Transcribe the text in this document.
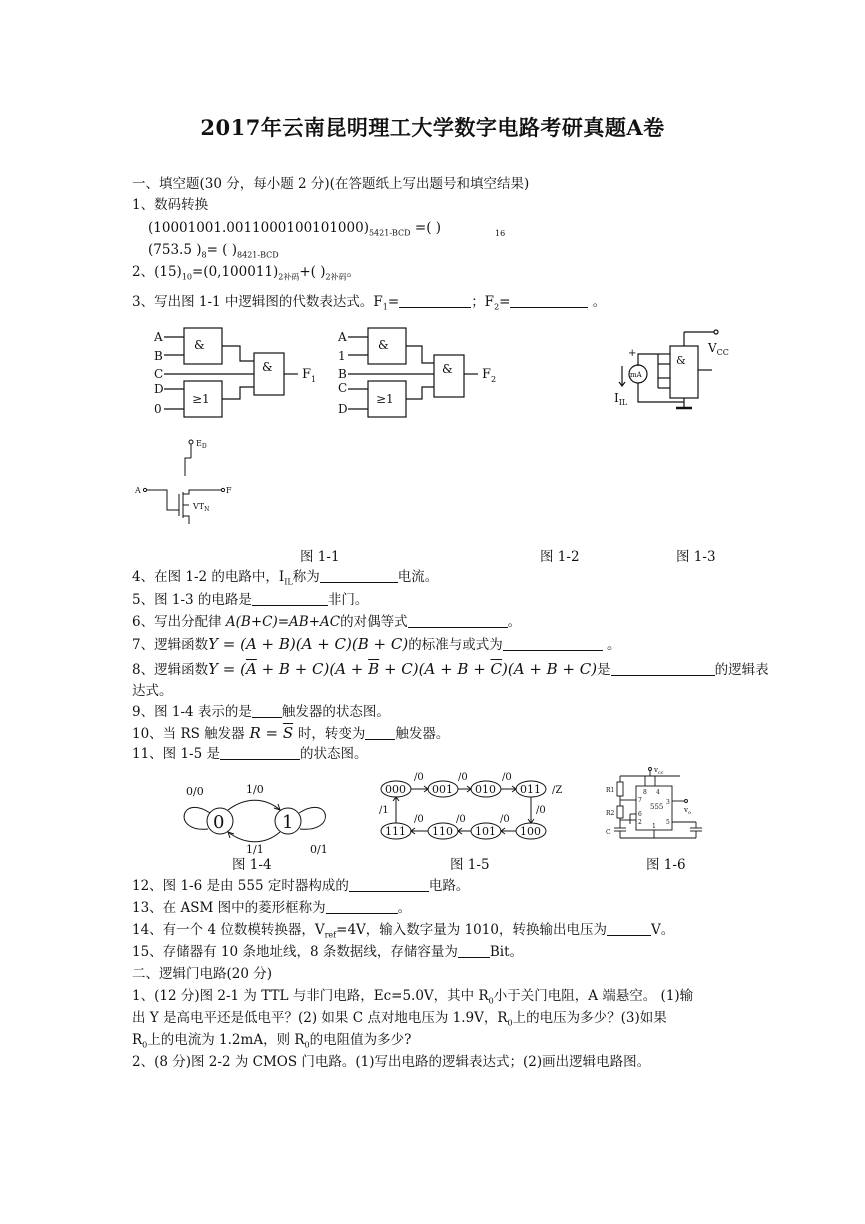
2017年云南昆明理工大学数字电路考研真题A卷
一、填空题(30 分，每小题 2 分)(在答题纸上写出题号和填空结果)
1、数码转换
$(10001001.0011000100101000)_{5421-BCD}$ =( )	$_{16}$
(753.5 )$_8=$ ( )$_{8421-BCD}$
2、$(15)_{10}=(0,100011)_{2补码}+$( )$_{2补码}$。
3、写出图 1-1 中逻辑图的代数表达式。$F_1=$	；$F_2=$	。
A
B
C
D
0
&
≥1
& $F_1$
A
1
B
C
D
&
≥1
& $F_2$
$V_{CC}$
&
mA
+
$I_{IL}$
$E_D$
A	F
$VT_N$
图 1-1	图 1-2	图 1-3
4、在图 1-2 的电路中，$I_{IL}$称为	电流。
5、图 1-3 的电路是	非门。
6、写出分配律 A(B+C)=AB+AC的对偶等式	。
7、逻辑函数Y = (A + B)(A + C)(B + C)的标准与或式为	。
8、逻辑函数$Y = (\overline{A} + B + C)(A + \overline{B} + C)(A + B + \overline{C})(A + B + C)$是	的逻辑表
达式。
9、图 1-4 表示的是 触发器的状态图。
10、当 RS 触发器 $R = \overline{S}$ 时，转变为 触发器。
11、图 1-5 是	的状态图。
0/0	1/0
1/1	0/1
0	1
000 001 010 011
100
101
110
111
/0	/0	/0
/Z
/0
/0
/0
/0
/1
$v_{cc}$
8 4
555
7	3
6
2
1
5
R1
R2
C
$v_o$
图 1-4	图 1-5	图 1-6
12、图 1-6 是由 555 定时器构成的	电路。
13、在 ASM 图中的菱形框称为	。
14、有一个 4 位数模转换器，$V_{ref}=4V$，输入数字量为 1010，转换输出电压为	V。
15、存储器有 10 条地址线，8 条数据线，存储容量为 Bit。
二、逻辑门电路(20 分)
1、(12 分)图 2-1 为 TTL 与非门电路，Ec=5.0V，其中 $R_0$小于关门电阻，A 端悬空。 (1)输
出 Y 是高电平还是低电平？(2) 如果 C 点对地电压为 1.9V，$R_0$上的电压为多少？(3)如果
$R_0$上的电流为 1.2mA，则 $R_0$的电阻值为多少?
2、(8 分)图 2-2 为 CMOS 门电路。(1)写出电路的逻辑表达式；(2)画出逻辑电路图。
